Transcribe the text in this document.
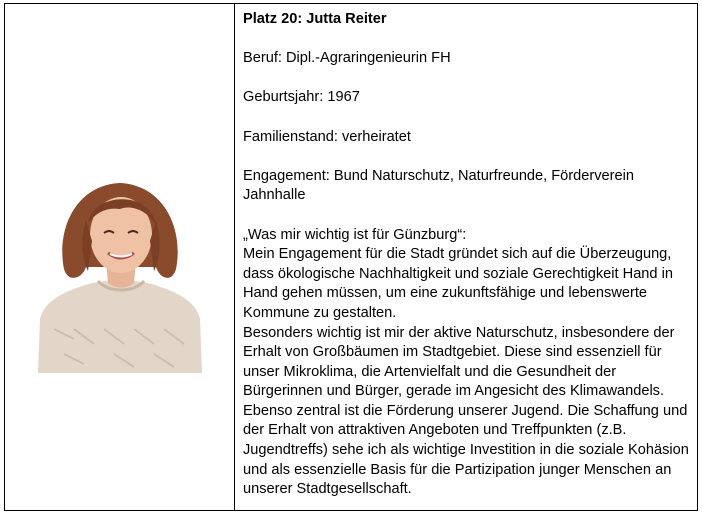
Platz 20: Jutta Reiter

Beruf: Dipl.-Agraringenieurin FH

Geburtsjahr: 1967

Familienstand: verheiratet

Engagement: Bund Naturschutz, Naturfreunde, Förderverein Jahnhalle

„Was mir wichtig ist für Günzburg“:

Mein Engagement für die Stadt gründet sich auf die Überzeugung, dass ökologische Nachhaltigkeit und soziale Gerechtigkeit Hand in Hand gehen müssen, um eine zukunftsfähige und lebenswerte Kommune zu gestalten.

Besonders wichtig ist mir der aktive Naturschutz, insbesondere der Erhalt von Großbäumen im Stadtgebiet. Diese sind essenziell für unser Mikroklima, die Artenvielfalt und die Gesundheit der Bürgerinnen und Bürger, gerade im Angesicht des Klimawandels.

Ebenso zentral ist die Förderung unserer Jugend. Die Schaffung und der Erhalt von attraktiven Angeboten und Treffpunkten (z.B. Jugendtreffs) sehe ich als wichtige Investition in die soziale Kohäsion und als essenzielle Basis für die Partizipation junger Menschen an unserer Stadtgesellschaft.
